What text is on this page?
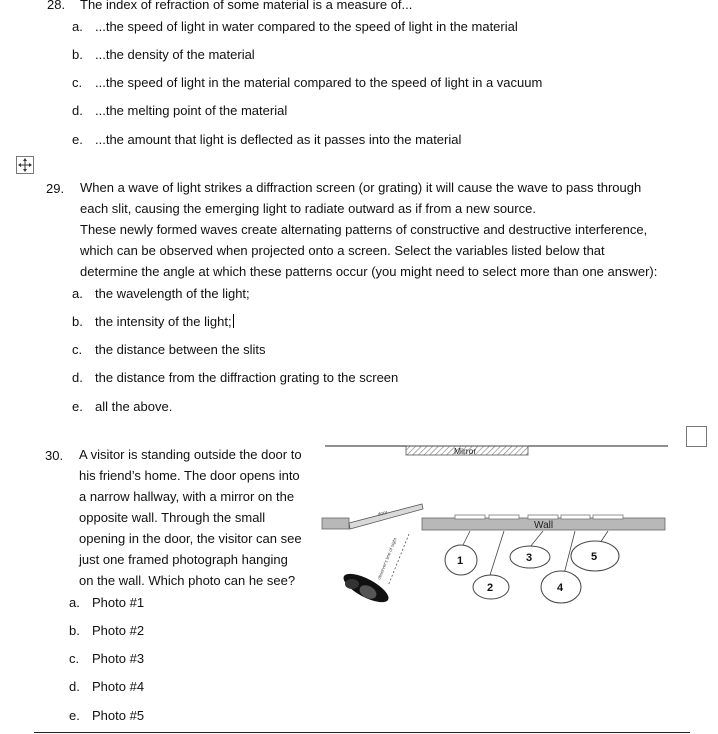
28. The index of refraction of some material is a measure of...
a. ...the speed of light in water compared to the speed of light in the material
b. ...the density of the material
c. ...the speed of light in the material compared to the speed of light in a vacuum
d. ...the melting point of the material
e. ...the amount that light is deflected as it passes into the material
29. When a wave of light strikes a diffraction screen (or grating) it will cause the wave to pass through
each slit, causing the emerging light to radiate outward as if from a new source.
These newly formed waves create alternating patterns of constructive and destructive interference,
which can be observed when projected onto a screen. Select the variables listed below that
determine the angle at which these patterns occur (you might need to select more than one answer):
a. the wavelength of the light;
b. the intensity of the light;
c. the distance between the slits
d. the distance from the diffraction grating to the screen
e. all the above.
30. A visitor is standing outside the door to
his friend’s home. The door opens into
a narrow hallway, with a mirror on the
opposite wall. Through the small
opening in the door, the visitor can see
just one framed photograph hanging
on the wall. Which photo can he see?
a. Photo #1
b. Photo #2
c. Photo #3
d. Photo #4
e. Photo #5
Mirror
door
Wall
1
2
3
4
5
observer's line of sight
